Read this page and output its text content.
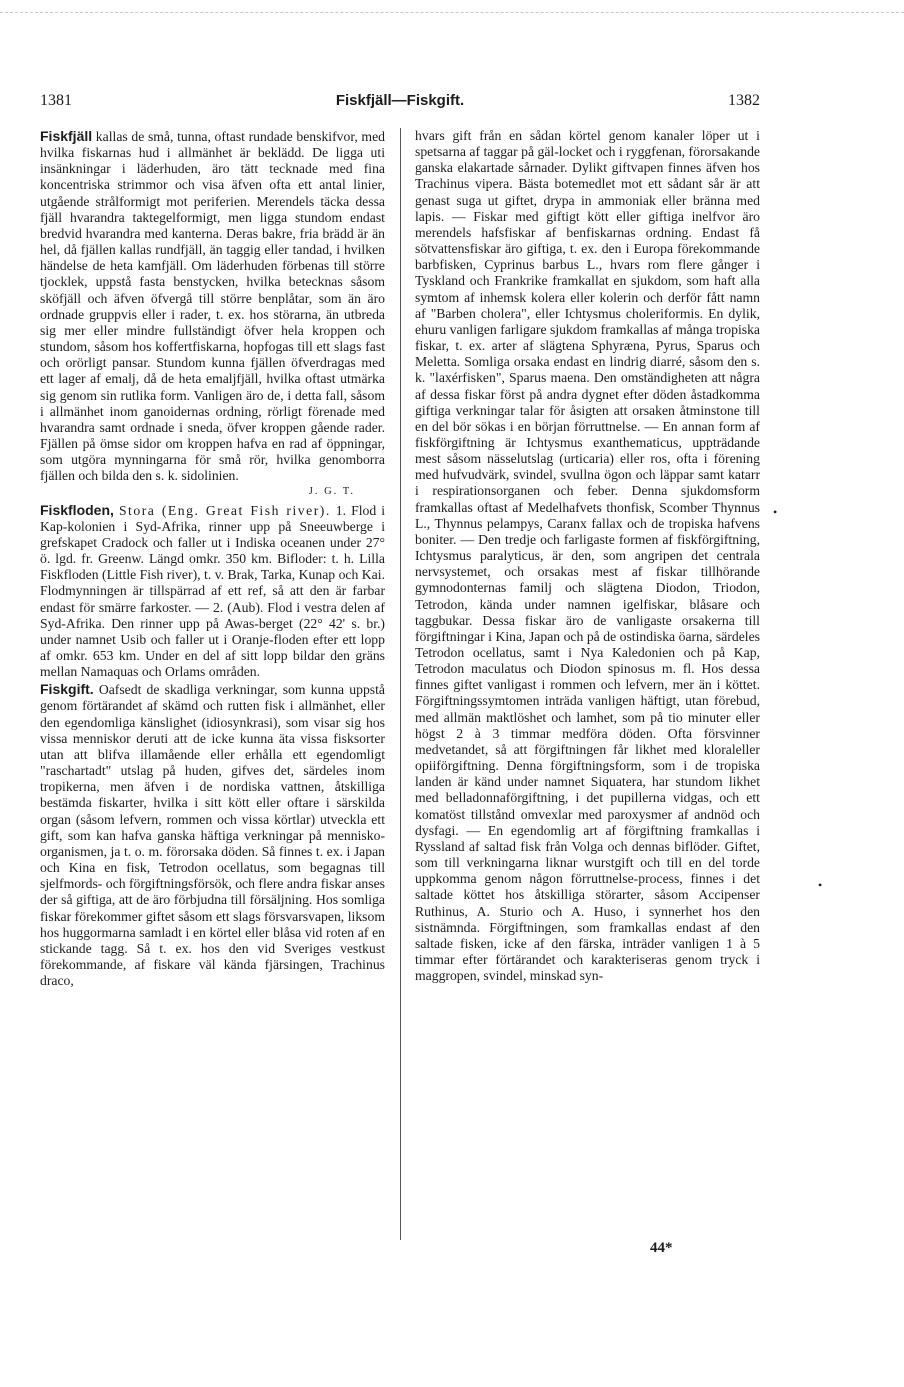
1381	Fiskfjäll—Fiskgift.	1382

Fiskfjäll kallas de små, tunna, oftast rundade benskifvor, med hvilka fiskarnas hud i allmänhet är beklädd. De ligga uti insänkningar i läderhuden, äro tätt tecknade med fina koncentriska strimmor och visa äfven ofta ett antal linier, utgående strålformigt mot periferien. Merendels täcka dessa fjäll hvarandra taktegelformigt, men ligga stundom endast bredvid hvarandra med kanterna. Deras bakre, fria brädd är än hel, då fjällen kallas rundfjäll, än taggig eller tandad, i hvilken händelse de heta kamfjäll. Om läderhuden förbenas till större tjocklek, uppstå fasta benstycken, hvilka betecknas såsom sköfjäll och äfven öfvergå till större benplåtar, som än äro ordnade gruppvis eller i rader, t. ex. hos störarna, än utbreda sig mer eller mindre fullständigt öfver hela kroppen och stundom, såsom hos koffertfiskarna, hopfogas till ett slags fast och orörligt pansar. Stundom kunna fjällen öfverdragas med ett lager af emalj, då de heta emaljfjäll, hvilka oftast utmärka sig genom sin rutlika form. Vanligen äro de, i detta fall, såsom i allmänhet inom ganoidernas ordning, rörligt förenade med hvarandra samt ordnade i sneda, öfver kroppen gående rader. Fjällen på ömse sidor om kroppen hafva en rad af öppningar, som utgöra mynningarna för små rör, hvilka genomborra fjällen och bilda den s. k. sidolinien.
J. G. T.

Fiskfloden, Stora (Eng. Great Fish river). 1. Flod i Kap-kolonien i Syd-Afrika, rinner upp på Sneeuwberge i grefskapet Cradock och faller ut i Indiska oceanen under 27° ö. lgd. fr. Greenw. Längd omkr. 350 km. Bifloder: t. h. Lilla Fiskfloden (Little Fish river), t. v. Brak, Tarka, Kunap och Kai. Flodmynningen är tillspärrad af ett ref, så att den är farbar endast för smärre farkoster. — 2. (Aub). Flod i vestra delen af Syd-Afrika. Den rinner upp på Awas-berget (22° 42' s. br.) under namnet Usib och faller ut i Oranje-floden efter ett lopp af omkr. 653 km. Under en del af sitt lopp bildar den gräns mellan Namaquas och Orlams områden.

Fiskgift. Oafsedt de skadliga verkningar, som kunna uppstå genom förtärandet af skämd och rutten fisk i allmänhet, eller den egendomliga känslighet (idiosynkrasi), som visar sig hos vissa menniskor deruti att de icke kunna äta vissa fisksorter utan att blifva illamående eller erhålla ett egendomligt "raschartadt" utslag på huden, gifves det, särdeles inom tropikerna, men äfven i de nordiska vattnen, åtskilliga bestämda fiskarter, hvilka i sitt kött eller oftare i särskilda organ (såsom lefvern, rommen och vissa körtlar) utveckla ett gift, som kan hafva ganska häftiga verkningar på mennisko-organismen, ja t. o. m. förorsaka döden. Så finnes t. ex. i Japan och Kina en fisk, Tetrodon ocellatus, som begagnas till sjelfmords- och förgiftningsförsök, och flere andra fiskar anses der så giftiga, att de äro förbjudna till försäljning. Hos somliga fiskar förekommer giftet såsom ett slags försvarsvapen, liksom hos huggormarna samladt i en körtel eller blåsa vid roten af en stickande tagg. Så t. ex. hos den vid Sveriges vestkust förekommande, af fiskare väl kända fjärsingen, Trachinus draco,

hvars gift från en sådan körtel genom kanaler löper ut i spetsarna af taggar på gäl-locket och i ryggfenan, förorsakande ganska elakartade sårnader. Dylikt giftvapen finnes äfven hos Trachinus vipera. Bästa botemedlet mot ett sådant sår är att genast suga ut giftet, drypa in ammoniak eller bränna med lapis. — Fiskar med giftigt kött eller giftiga inelfvor äro merendels hafsfiskar af benfiskarnas ordning. Endast få sötvattensfiskar äro giftiga, t. ex. den i Europa förekommande barbfisken, Cyprinus barbus L., hvars rom flere gånger i Tyskland och Frankrike framkallat en sjukdom, som haft alla symtom af inhemsk kolera eller kolerin och derför fått namn af "Barben cholera", eller Ichtysmus choleriformis. En dylik, ehuru vanligen farligare sjukdom framkallas af många tropiska fiskar, t. ex. arter af slägtena Sphyræna, Pyrus, Sparus och Meletta. Somliga orsaka endast en lindrig diarré, såsom den s. k. "laxérfisken", Sparus maena. Den omständigheten att några af dessa fiskar först på andra dygnet efter döden åstadkomma giftiga verkningar talar för åsigten att orsaken åtminstone till en del bör sökas i en början förruttnelse. — En annan form af fiskförgiftning är Ichtysmus exanthematicus, uppträdande mest såsom nässelutslag (urticaria) eller ros, ofta i förening med hufvudvärk, svindel, svullna ögon och läppar samt katarr i respirationsorganen och feber. Denna sjukdomsform framkallas oftast af Medelhafvets thonfisk, Scomber Thynnus L., Thynnus pelampys, Caranx fallax och de tropiska hafvens boniter. — Den tredje och farligaste formen af fiskförgiftning, Ichtysmus paralyticus, är den, som angripen det centrala nervsystemet, och orsakas mest af fiskar tillhörande gymnodonternas familj och slägtena Diodon, Triodon, Tetrodon, kända under namnen igelfiskar, blåsare och taggbukar. Dessa fiskar äro de vanligaste orsakerna till förgiftningar i Kina, Japan och på de ostindiska öarna, särdeles Tetrodon ocellatus, samt i Nya Kaledonien och på Kap, Tetrodon maculatus och Diodon spinosus m. fl. Hos dessa finnes giftet vanligast i rommen och lefvern, mer än i köttet. Förgiftningssymtomen inträda vanligen häftigt, utan förebud, med allmän maktlöshet och lamhet, som på tio minuter eller högst 2 à 3 timmar medföra döden. Ofta försvinner medvetandet, så att förgiftningen får likhet med kloraleller opiiförgiftning. Denna förgiftningsform, som i de tropiska landen är känd under namnet Siquatera, har stundom likhet med belladonnaförgiftning, i det pupillerna vidgas, och ett komatöst tillstånd omvexlar med paroxysmer af andnöd och dysfagi. — En egendomlig art af förgiftning framkallas i Ryssland af saltad fisk från Volga och dennas biflöder. Giftet, som till verkningarna liknar wurstgift och till en del torde uppkomma genom någon förruttnelse-process, finnes i det saltade köttet hos åtskilliga störarter, såsom Accipenser Ruthinus, A. Sturio och A. Huso, i synnerhet hos den sistnämnda. Förgiftningen, som framkallas endast af den saltade fisken, icke af den färska, inträder vanligen 1 à 5 timmar efter förtärandet och karakteriseras genom tryck i maggropen, svindel, minskad syn-

44*
•
•
